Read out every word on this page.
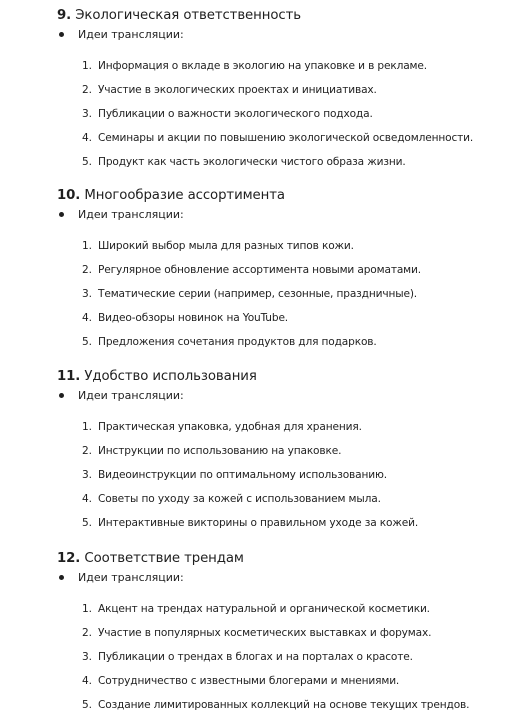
9. Экологическая ответственность
Идеи трансляции:
1. Информация о вкладе в экологию на упаковке и в рекламе.
2. Участие в экологических проектах и инициативах.
3. Публикации о важности экологического подхода.
4. Семинары и акции по повышению экологической осведомленности.
5. Продукт как часть экологически чистого образа жизни.
10. Многообразие ассортимента
Идеи трансляции:
1. Широкий выбор мыла для разных типов кожи.
2. Регулярное обновление ассортимента новыми ароматами.
3. Тематические серии (например, сезонные, праздничные).
4. Видео-обзоры новинок на YouTube.
5. Предложения сочетания продуктов для подарков.
11. Удобство использования
Идеи трансляции:
1. Практическая упаковка, удобная для хранения.
2. Инструкции по использованию на упаковке.
3. Видеоинструкции по оптимальному использованию.
4. Советы по уходу за кожей с использованием мыла.
5. Интерактивные викторины о правильном уходе за кожей.
12. Соответствие трендам
Идеи трансляции:
1. Акцент на трендах натуральной и органической косметики.
2. Участие в популярных косметических выставках и форумах.
3. Публикации о трендах в блогах и на порталах о красоте.
4. Сотрудничество с известными блогерами и мнениями.
5. Создание лимитированных коллекций на основе текущих трендов.
